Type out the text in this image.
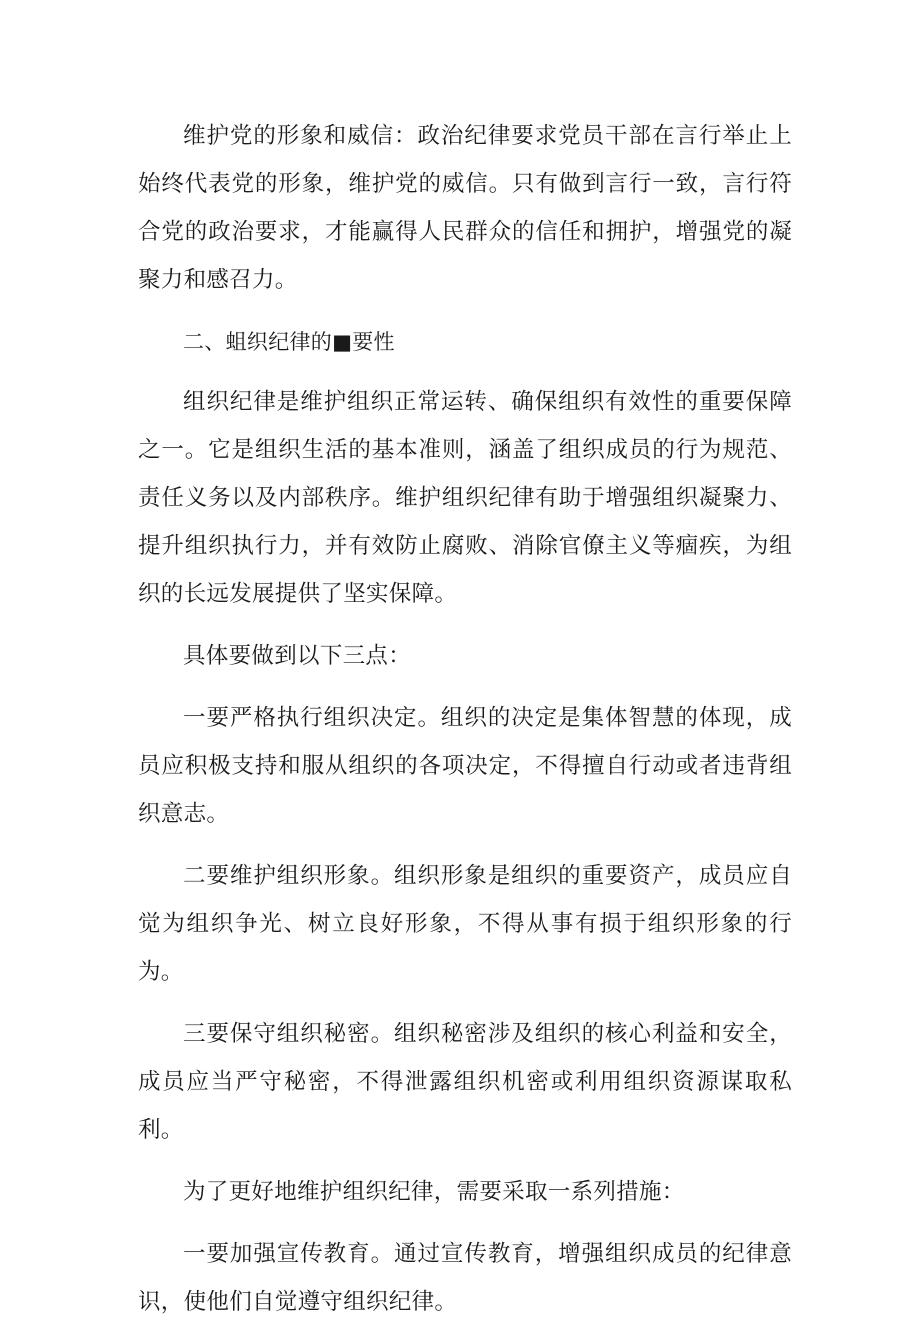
维护党的形象和威信：政治纪律要求党员干部在言行举止上始终代表党的形象，维护党的威信。只有做到言行一致，言行符合党的政治要求，才能赢得人民群众的信任和拥护，增强党的凝聚力和感召力。

二、蛆织纪律的■要性

组织纪律是维护组织正常运转、确保组织有效性的重要保障之一。它是组织生活的基本准则，涵盖了组织成员的行为规范、责任义务以及内部秩序。维护组织纪律有助于增强组织凝聚力、提升组织执行力，并有效防止腐败、消除官僚主义等痼疾，为组织的长远发展提供了坚实保障。

具体要做到以下三点：

一要严格执行组织决定。组织的决定是集体智慧的体现，成员应积极支持和服从组织的各项决定，不得擅自行动或者违背组织意志。

二要维护组织形象。组织形象是组织的重要资产，成员应自觉为组织争光、树立良好形象，不得从事有损于组织形象的行为。

三要保守组织秘密。组织秘密涉及组织的核心利益和安全，成员应当严守秘密，不得泄露组织机密或利用组织资源谋取私利。

为了更好地维护组织纪律，需要采取一系列措施：

一要加强宣传教育。通过宣传教育，增强组织成员的纪律意识，使他们自觉遵守组织纪律。
